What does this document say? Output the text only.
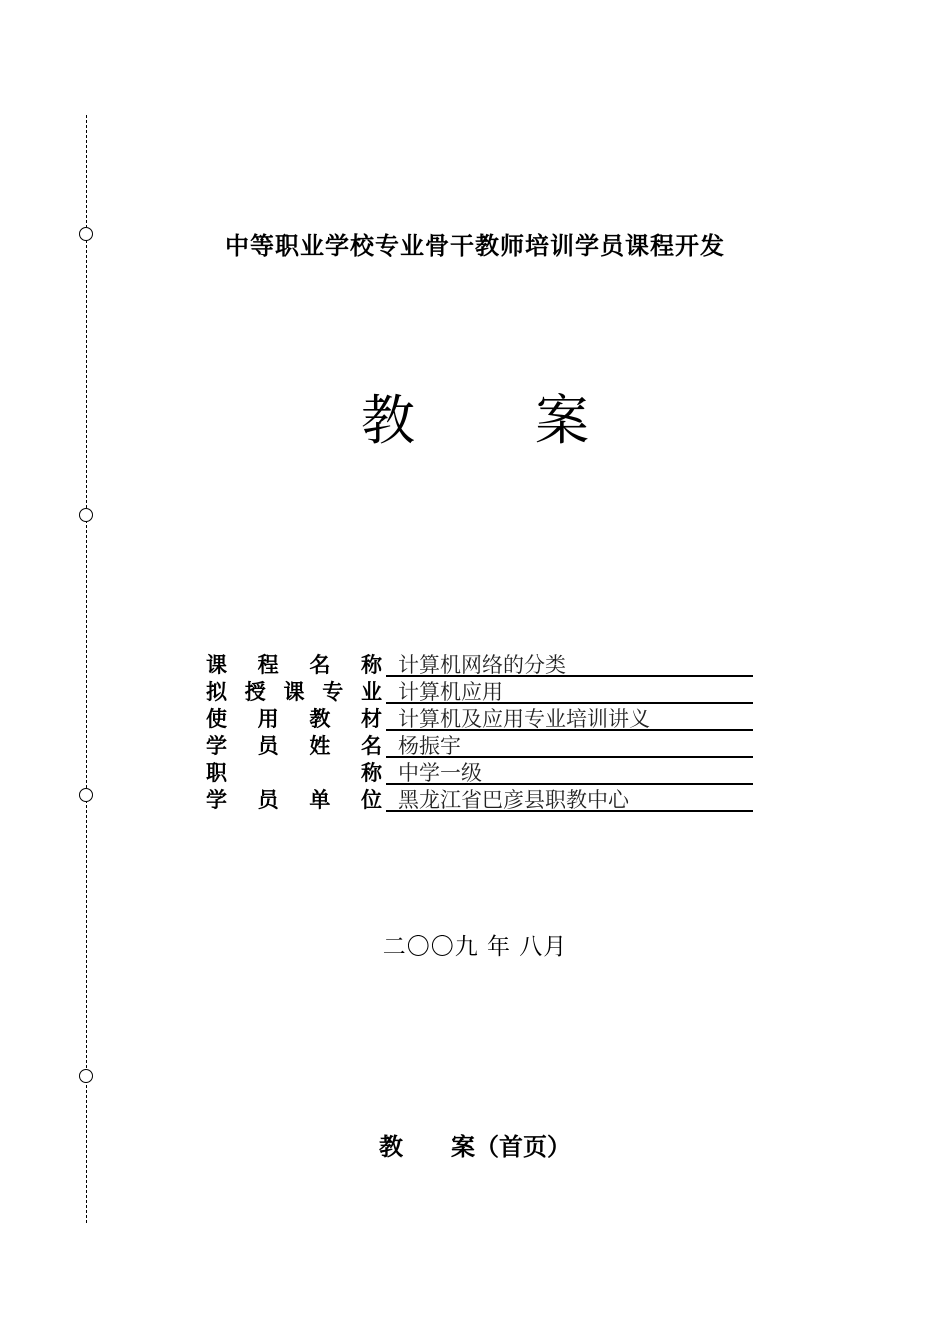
中等职业学校专业骨干教师培训学员课程开发
教 案
课 程 名 称 计算机网络的分类
拟授课专业 计算机应用
使 用 教 材 计算机及应用专业培训讲义
学 员 姓 名 杨振宇
职 称 中学一级
学 员 单 位 黑龙江省巴彦县职教中心
二〇〇九 年 八月
教　　案（首页）
